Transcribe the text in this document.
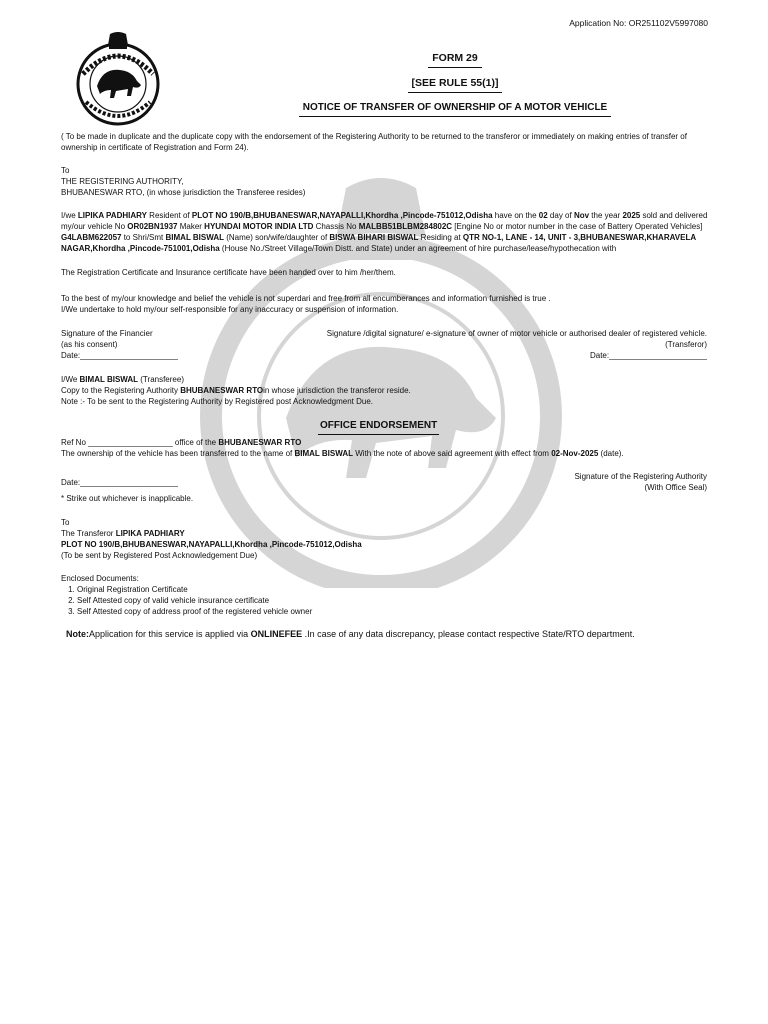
Application No: OR251102V5997080
FORM 29
[SEE RULE 55(1)]
NOTICE OF TRANSFER OF OWNERSHIP OF A MOTOR VEHICLE
( To be made in duplicate and the duplicate copy with the endorsement of the Registering Authority to be returned to the transferor or immediately on making entries of transfer of ownership in certificate of Registration and Form 24).
To
THE REGISTERING AUTHORITY,
BHUBANESWAR RTO, (in whose jurisdiction the Transferee resides)
I/we LIPIKA PADHIARY Resident of PLOT NO 190/B,BHUBANESWAR,NAYAPALLI,Khordha ,Pincode-751012,Odisha have on the 02 day of Nov the year 2025 sold and delivered my/our vehicle No OR02BN1937 Maker HYUNDAI MOTOR INDIA LTD Chassis No MALBB51BLBM284802C [Engine No or motor number in the case of Battery Operated Vehicles] G4LABM622057 to Shri/Smt BIMAL BISWAL (Name) son/wife/daughter of BISWA BIHARI BISWAL Residing at QTR NO-1, LANE - 14, UNIT - 3,BHUBANESWAR,KHARAVELA NAGAR,Khordha ,Pincode-751001,Odisha (House No./Street Village/Town Distt. and State) under an agreement of hire purchase/lease/hypothecation with
The Registration Certificate and Insurance certificate have been handed over to him /her/them.
To the best of my/our knowledge and belief the vehicle is not superdari and free from all encumberances and information furnished is true .
I/We undertake to hold my/our self-responsible for any inaccuracy or suspension of information.
Signature of the Financier	Signature /digital signature/ e-signature of owner of motor vehicle or authorised dealer of registered vehicle.
(as his consent)	(Transferor)
Date:______________________	Date:______________________
I/We BIMAL BISWAL (Transferee)
Copy to the Registering Authority BHUBANESWAR RTOin whose jurisdiction the transferor reside.
Note :- To be sent to the Registering Authority by Registered post Acknowledgment Due.
OFFICE ENDORSEMENT
Ref No ___________________ office of the BHUBANESWAR RTO
The ownership of the vehicle has been transferred to the name of BIMAL BISWAL With the note of above said agreement with effect from 02-Nov-2025 (date).
Signature of the Registering Authority
(With Office Seal)
Date:______________________
* Strike out whichever is inapplicable.
To
The Transferor LIPIKA PADHIARY
PLOT NO 190/B,BHUBANESWAR,NAYAPALLI,Khordha ,Pincode-751012,Odisha
(To be sent by Registered Post Acknowledgement Due)
Enclosed Documents:
1. Original Registration Certificate
2. Self Attested copy of valid vehicle insurance certificate
3. Self Attested copy of address proof of the registered vehicle owner
Note:Application for this service is applied via ONLINEFEE .In case of any data discrepancy, please contact respective State/RTO department.
